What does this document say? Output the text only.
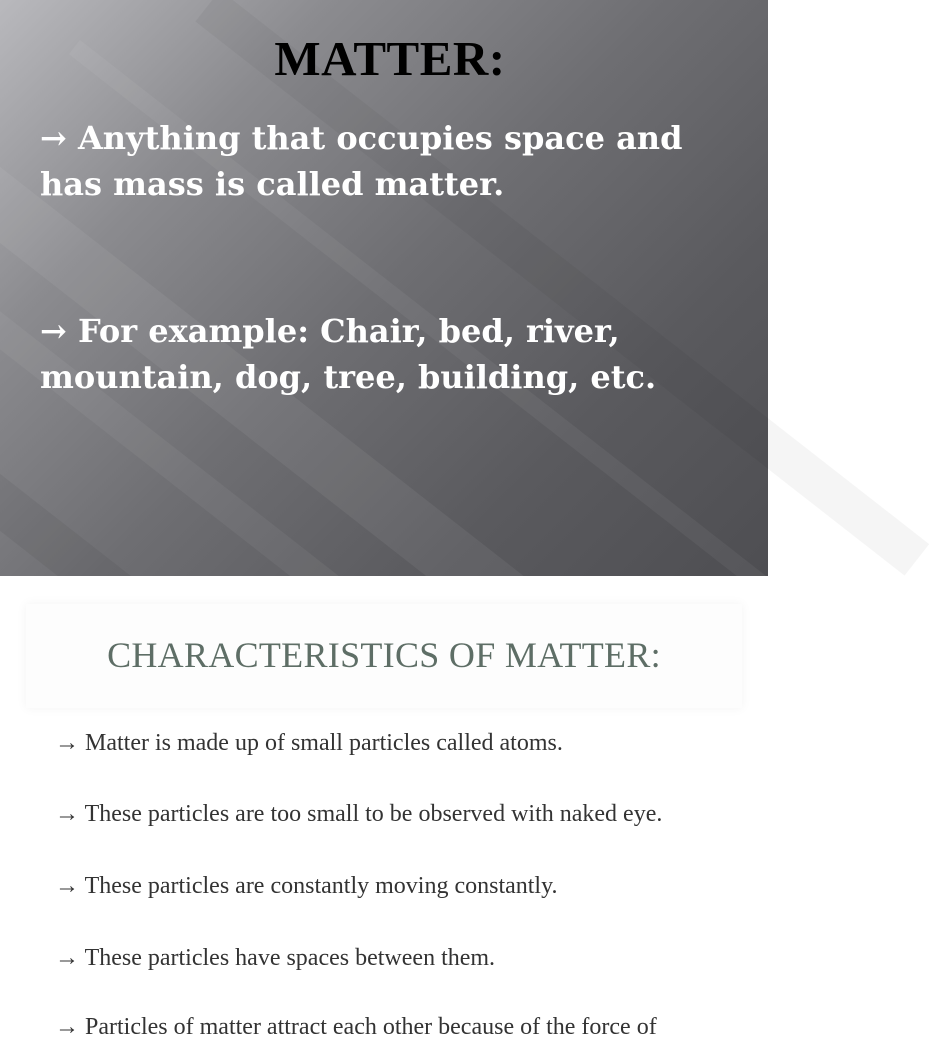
MATTER:
→ Anything that occupies space and has mass is called matter.
→ For example: Chair, bed, river, mountain, dog, tree, building, etc.
CHARACTERISTICS OF MATTER:
→ Matter is made up of small particles called atoms.
→ These particles are too small to be observed with naked eye.
→ These particles are constantly moving constantly.
→ These particles have spaces between them.
→ Particles of matter attract each other because of the force of
